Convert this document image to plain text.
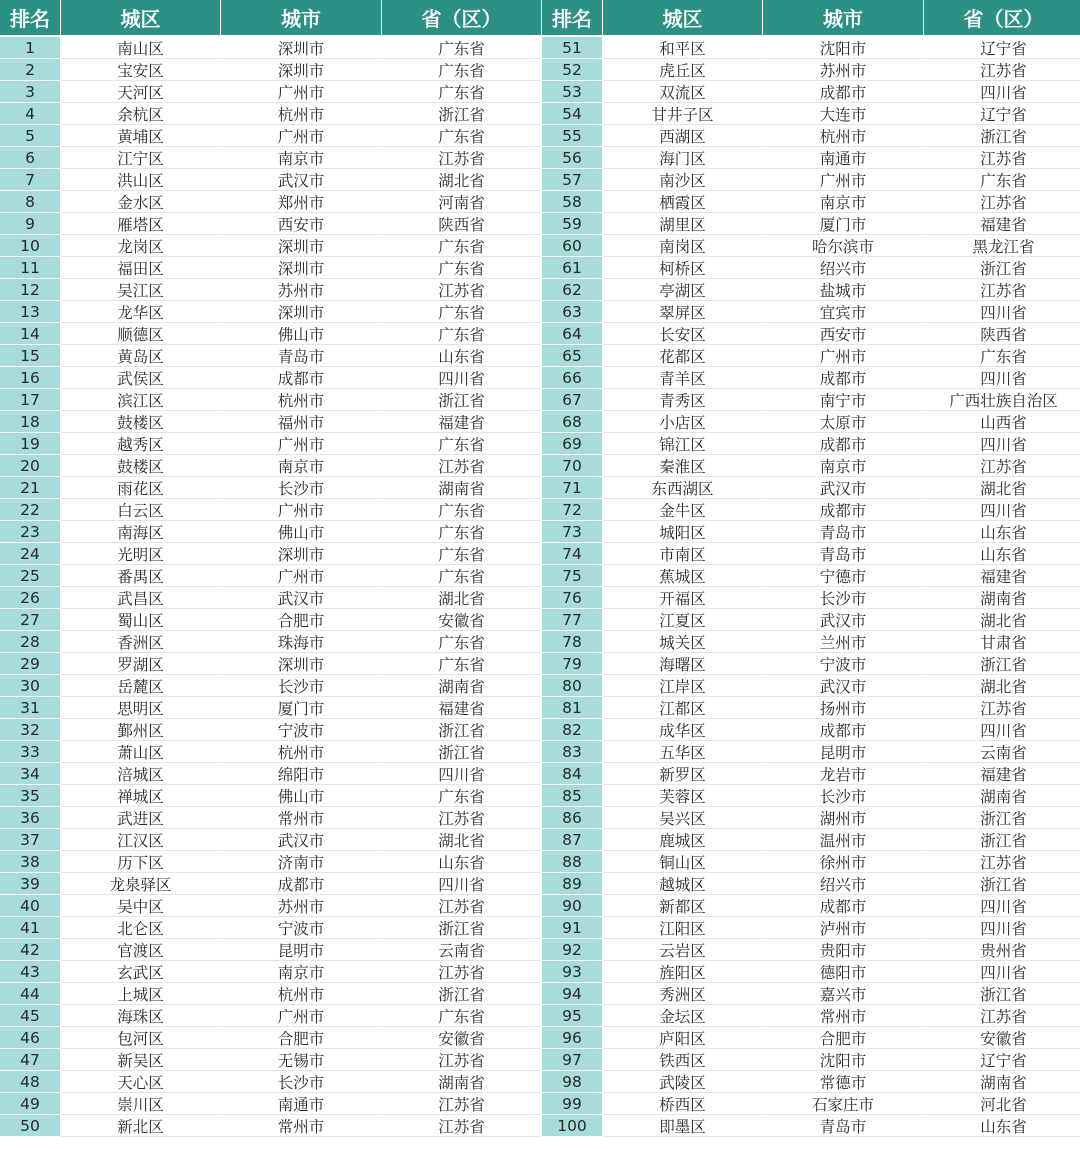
排名	城区	城市	省（区）	排名	城区	城市	省（区）
1	南山区	深圳市	广东省	51	和平区	沈阳市	辽宁省
2	宝安区	深圳市	广东省	52	虎丘区	苏州市	江苏省
3	天河区	广州市	广东省	53	双流区	成都市	四川省
4	余杭区	杭州市	浙江省	54	甘井子区	大连市	辽宁省
5	黄埔区	广州市	广东省	55	西湖区	杭州市	浙江省
6	江宁区	南京市	江苏省	56	海门区	南通市	江苏省
7	洪山区	武汉市	湖北省	57	南沙区	广州市	广东省
8	金水区	郑州市	河南省	58	栖霞区	南京市	江苏省
9	雁塔区	西安市	陕西省	59	湖里区	厦门市	福建省
10	龙岗区	深圳市	广东省	60	南岗区	哈尔滨市	黑龙江省
11	福田区	深圳市	广东省	61	柯桥区	绍兴市	浙江省
12	吴江区	苏州市	江苏省	62	亭湖区	盐城市	江苏省
13	龙华区	深圳市	广东省	63	翠屏区	宜宾市	四川省
14	顺德区	佛山市	广东省	64	长安区	西安市	陕西省
15	黄岛区	青岛市	山东省	65	花都区	广州市	广东省
16	武侯区	成都市	四川省	66	青羊区	成都市	四川省
17	滨江区	杭州市	浙江省	67	青秀区	南宁市	广西壮族自治区
18	鼓楼区	福州市	福建省	68	小店区	太原市	山西省
19	越秀区	广州市	广东省	69	锦江区	成都市	四川省
20	鼓楼区	南京市	江苏省	70	秦淮区	南京市	江苏省
21	雨花区	长沙市	湖南省	71	东西湖区	武汉市	湖北省
22	白云区	广州市	广东省	72	金牛区	成都市	四川省
23	南海区	佛山市	广东省	73	城阳区	青岛市	山东省
24	光明区	深圳市	广东省	74	市南区	青岛市	山东省
25	番禺区	广州市	广东省	75	蕉城区	宁德市	福建省
26	武昌区	武汉市	湖北省	76	开福区	长沙市	湖南省
27	蜀山区	合肥市	安徽省	77	江夏区	武汉市	湖北省
28	香洲区	珠海市	广东省	78	城关区	兰州市	甘肃省
29	罗湖区	深圳市	广东省	79	海曙区	宁波市	浙江省
30	岳麓区	长沙市	湖南省	80	江岸区	武汉市	湖北省
31	思明区	厦门市	福建省	81	江都区	扬州市	江苏省
32	鄞州区	宁波市	浙江省	82	成华区	成都市	四川省
33	萧山区	杭州市	浙江省	83	五华区	昆明市	云南省
34	涪城区	绵阳市	四川省	84	新罗区	龙岩市	福建省
35	禅城区	佛山市	广东省	85	芙蓉区	长沙市	湖南省
36	武进区	常州市	江苏省	86	吴兴区	湖州市	浙江省
37	江汉区	武汉市	湖北省	87	鹿城区	温州市	浙江省
38	历下区	济南市	山东省	88	铜山区	徐州市	江苏省
39	龙泉驿区	成都市	四川省	89	越城区	绍兴市	浙江省
40	吴中区	苏州市	江苏省	90	新都区	成都市	四川省
41	北仑区	宁波市	浙江省	91	江阳区	泸州市	四川省
42	官渡区	昆明市	云南省	92	云岩区	贵阳市	贵州省
43	玄武区	南京市	江苏省	93	旌阳区	德阳市	四川省
44	上城区	杭州市	浙江省	94	秀洲区	嘉兴市	浙江省
45	海珠区	广州市	广东省	95	金坛区	常州市	江苏省
46	包河区	合肥市	安徽省	96	庐阳区	合肥市	安徽省
47	新吴区	无锡市	江苏省	97	铁西区	沈阳市	辽宁省
48	天心区	长沙市	湖南省	98	武陵区	常德市	湖南省
49	崇川区	南通市	江苏省	99	桥西区	石家庄市	河北省
50	新北区	常州市	江苏省	100	即墨区	青岛市	山东省
